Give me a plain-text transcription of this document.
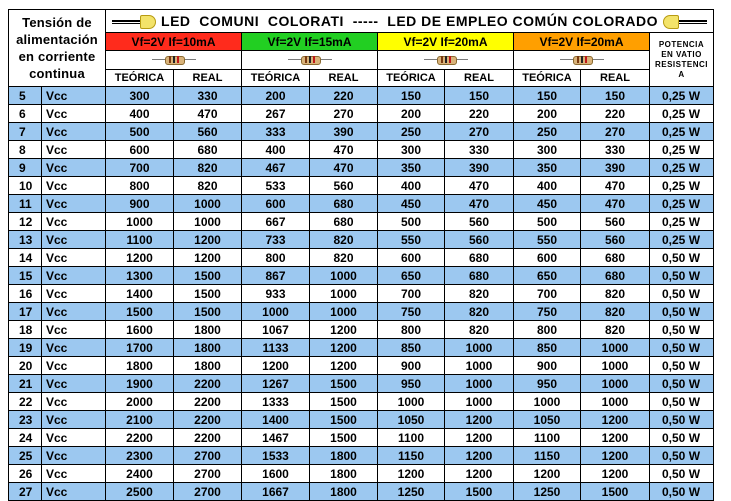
Tensión de
alimentación
en corriente
continua		LED  COMUNI  COLORATI  -----  LED DE EMPLEO COMÚN COLORADO								

		Vf=2V If=10mA		Vf=2V If=15mA		Vf=2V If=20mA		Vf=2V If=20mA		POTENCIA
EN VATIO
RESISTENCI
A

		TEÓRICA	REAL	TEÓRICA	REAL	TEÓRICA	REAL	TEÓRICA	REAL	
5	Vcc	300	330	200	220	150	150	150	150	0,25 W
6	Vcc	400	470	267	270	200	220	200	220	0,25 W
7	Vcc	500	560	333	390	250	270	250	270	0,25 W
8	Vcc	600	680	400	470	300	330	300	330	0,25 W
9	Vcc	700	820	467	470	350	390	350	390	0,25 W
10	Vcc	800	820	533	560	400	470	400	470	0,25 W
11	Vcc	900	1000	600	680	450	470	450	470	0,25 W
12	Vcc	1000	1000	667	680	500	560	500	560	0,25 W
13	Vcc	1100	1200	733	820	550	560	550	560	0,25 W
14	Vcc	1200	1200	800	820	600	680	600	680	0,50 W
15	Vcc	1300	1500	867	1000	650	680	650	680	0,50 W
16	Vcc	1400	1500	933	1000	700	820	700	820	0,50 W
17	Vcc	1500	1500	1000	1000	750	820	750	820	0,50 W
18	Vcc	1600	1800	1067	1200	800	820	800	820	0,50 W
19	Vcc	1700	1800	1133	1200	850	1000	850	1000	0,50 W
20	Vcc	1800	1800	1200	1200	900	1000	900	1000	0,50 W
21	Vcc	1900	2200	1267	1500	950	1000	950	1000	0,50 W
22	Vcc	2000	2200	1333	1500	1000	1000	1000	1000	0,50 W
23	Vcc	2100	2200	1400	1500	1050	1200	1050	1200	0,50 W
24	Vcc	2200	2200	1467	1500	1100	1200	1100	1200	0,50 W
25	Vcc	2300	2700	1533	1800	1150	1200	1150	1200	0,50 W
26	Vcc	2400	2700	1600	1800	1200	1200	1200	1200	0,50 W
27	Vcc	2500	2700	1667	1800	1250	1500	1250	1500	0,50 W
